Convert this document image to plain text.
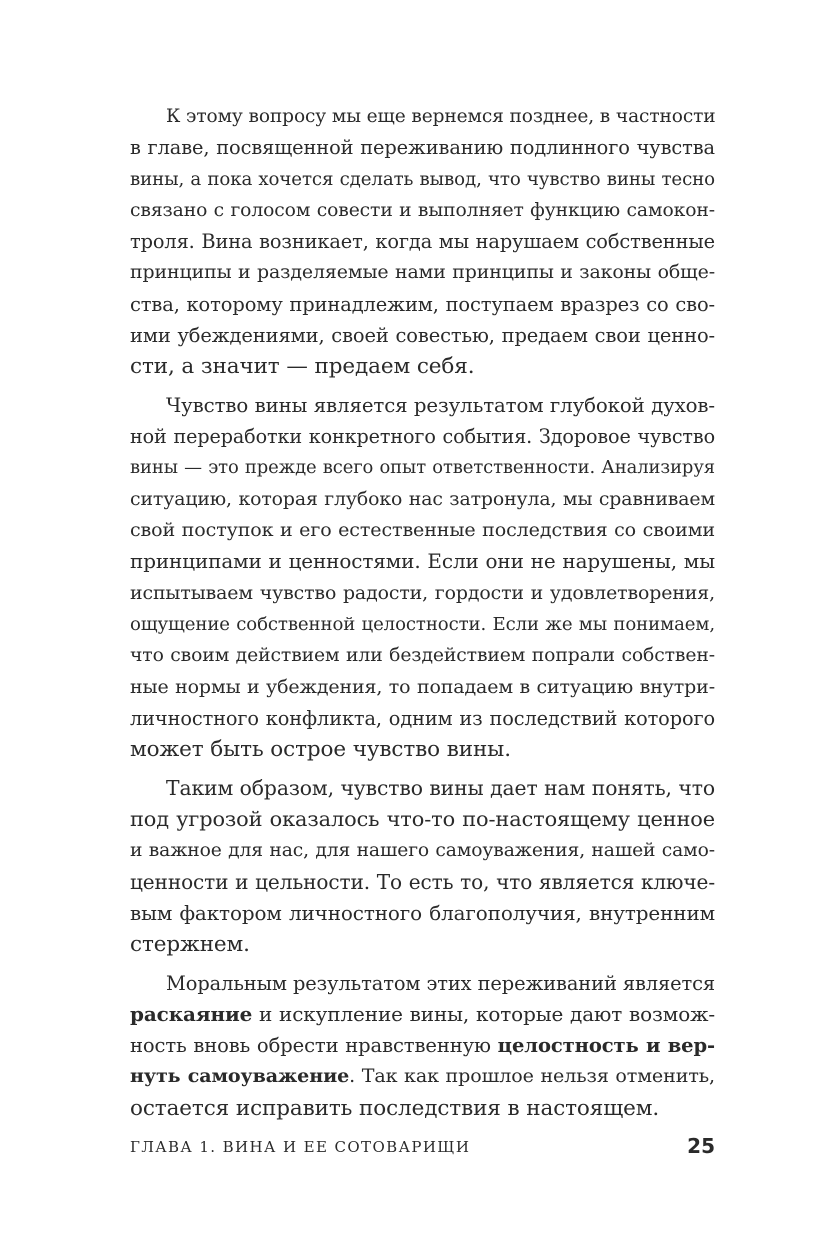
К этому вопросу мы еще вернемся позднее, в частности
в главе, посвященной переживанию подлинного чувства
вины, а пока хочется сделать вывод, что чувство вины тесно
связано с голосом совести и выполняет функцию самокон-
троля. Вина возникает, когда мы нарушаем собственные
принципы и разделяемые нами принципы и законы обще-
ства, которому принадлежим, поступаем вразрез со сво-
ими убеждениями, своей совестью, предаем свои ценно-
сти, а значит — предаем себя.

Чувство вины является результатом глубокой духов-
ной переработки конкретного события. Здоровое чувство
вины — это прежде всего опыт ответственности. Анализируя
ситуацию, которая глубоко нас затронула, мы сравниваем
свой поступок и его естественные последствия со своими
принципами и ценностями. Если они не нарушены, мы
испытываем чувство радости, гордости и удовлетворения,
ощущение собственной целостности. Если же мы понимаем,
что своим действием или бездействием попрали собствен-
ные нормы и убеждения, то попадаем в ситуацию внутри-
личностного конфликта, одним из последствий которого
может быть острое чувство вины.

Таким образом, чувство вины дает нам понять, что
под угрозой оказалось что-то по-настоящему ценное
и важное для нас, для нашего самоуважения, нашей само-
ценности и цельности. То есть то, что является ключе-
вым фактором личностного благополучия, внутренним
стержнем.

Моральным результатом этих переживаний является
раскаяние и искупление вины, которые дают возмож-
ность вновь обрести нравственную целостность и вер-
нуть самоуважение. Так как прошлое нельзя отменить,
остается исправить последствия в настоящем.

ГЛАВА 1. ВИНА И ЕЕ СОТОВАРИЩИ	25
